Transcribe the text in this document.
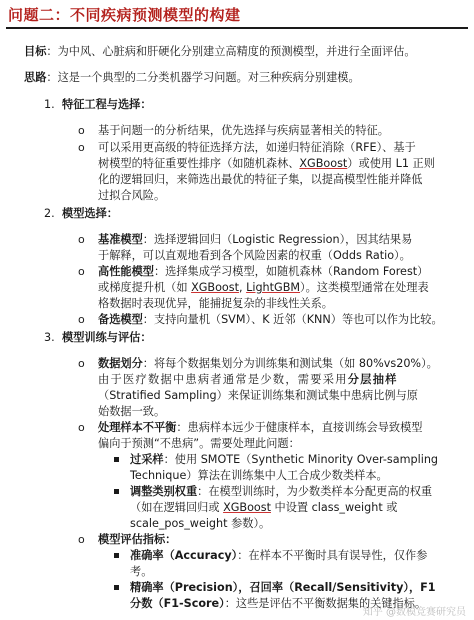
问题二：不同疾病预测模型的构建
目标：为中风、心脏病和肝硬化分别建立高精度的预测模型，并进行全面评估。
思路：这是一个典型的二分类机器学习问题。对三种疾病分别建模。
1. 特征工程与选择：
o 基于问题一的分析结果，优先选择与疾病显著相关的特征。
o 可以采用更高级的特征选择方法，如递归特征消除（RFE）、基于
树模型的特征重要性排序（如随机森林、XGBoost）或使用 L1 正则
化的逻辑回归，来筛选出最优的特征子集，以提高模型性能并降低
过拟合风险。
2. 模型选择：
o 基准模型：选择逻辑回归（Logistic Regression），因其结果易
于解释，可以直观地看到各个风险因素的权重（Odds Ratio）。
o 高性能模型：选择集成学习模型，如随机森林（Random Forest）
或梯度提升机（如 XGBoost, LightGBM）。这类模型通常在处理表
格数据时表现优异，能捕捉复杂的非线性关系。
o 备选模型：支持向量机（SVM）、K 近邻（KNN）等也可以作为比较。
3. 模型训练与评估：
o 数据划分：将每个数据集划分为训练集和测试集（如 80%vs20%）。
由于医疗数据中患病者通常是少数，需要采用分层抽样
（Stratified Sampling）来保证训练集和测试集中患病比例与原
始数据一致。
o 处理样本不平衡：患病样本远少于健康样本，直接训练会导致模型
偏向于预测“不患病”。需要处理此问题：
过采样：使用 SMOTE（Synthetic Minority Over-sampling
Technique）算法在训练集中人工合成少数类样本。
调整类别权重：在模型训练时，为少数类样本分配更高的权重
（如在逻辑回归或 XGBoost 中设置 class_weight 或
scale_pos_weight 参数）。
o 模型评估指标：
准确率（Accuracy）：在样本不平衡时具有误导性，仅作参
考。
精确率（Precision），召回率（Recall/Sensitivity），F1
分数（F1-Score）：这些是评估不平衡数据集的关键指标。
知乎 @数模竞赛研究员
